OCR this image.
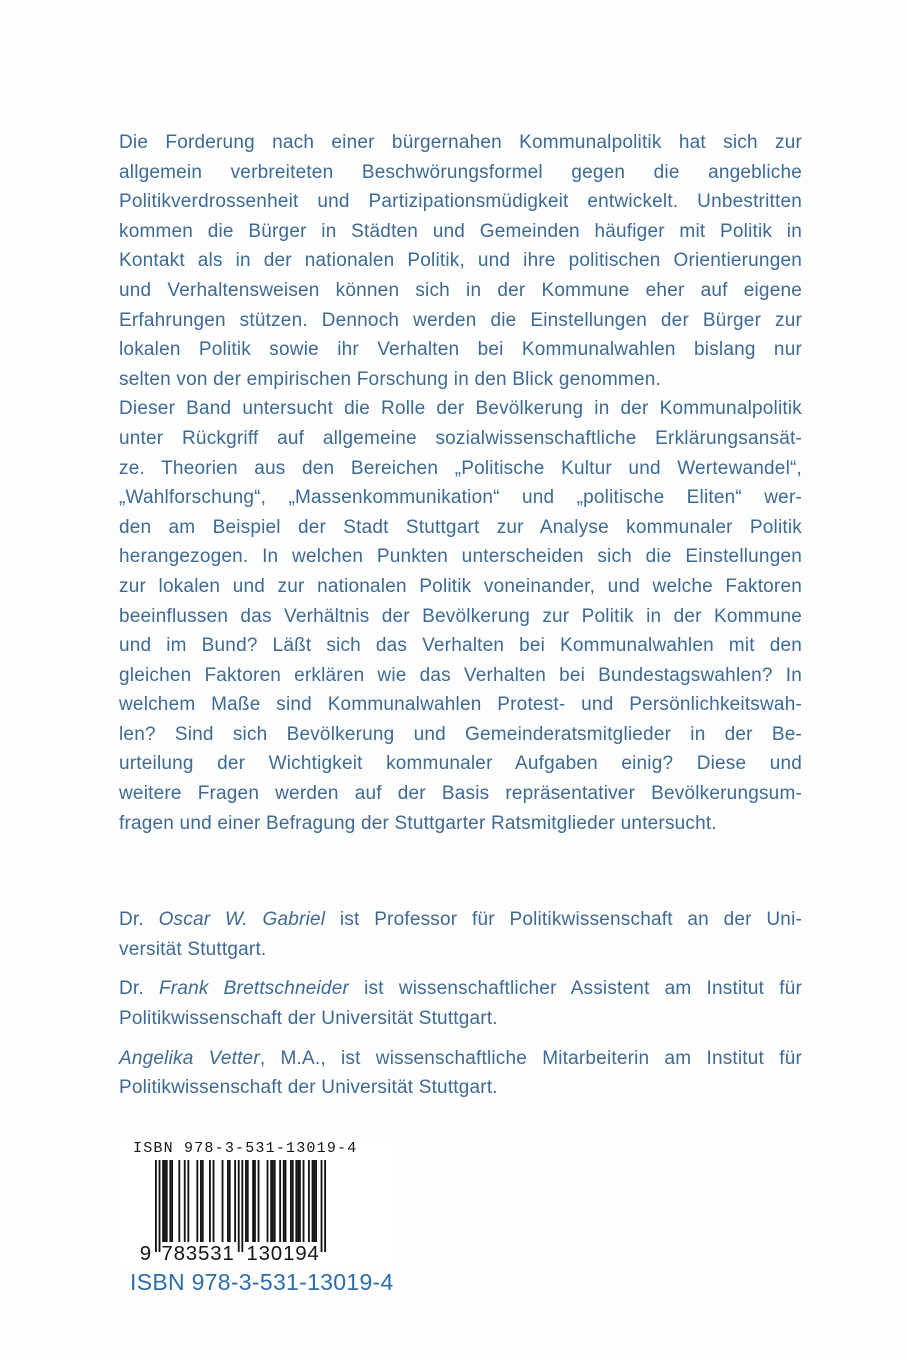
Die Forderung nach einer bürgernahen Kommunalpolitik hat sich zur
allgemein verbreiteten Beschwörungsformel gegen die angebliche
Politikverdrossenheit und Partizipationsmüdigkeit entwickelt. Unbestritten
kommen die Bürger in Städten und Gemeinden häufiger mit Politik in
Kontakt als in der nationalen Politik, und ihre politischen Orientierungen
und Verhaltensweisen können sich in der Kommune eher auf eigene
Erfahrungen stützen. Dennoch werden die Einstellungen der Bürger zur
lokalen Politik sowie ihr Verhalten bei Kommunalwahlen bislang nur
selten von der empirischen Forschung in den Blick genommen.
Dieser Band untersucht die Rolle der Bevölkerung in der Kommunalpolitik
unter Rückgriff auf allgemeine sozialwissenschaftliche Erklärungsansät-
ze. Theorien aus den Bereichen „Politische Kultur und Wertewandel“,
„Wahlforschung“, „Massenkommunikation“ und „politische Eliten“ wer-
den am Beispiel der Stadt Stuttgart zur Analyse kommunaler Politik
herangezogen. In welchen Punkten unterscheiden sich die Einstellungen
zur lokalen und zur nationalen Politik voneinander, und welche Faktoren
beeinflussen das Verhältnis der Bevölkerung zur Politik in der Kommune
und im Bund? Läßt sich das Verhalten bei Kommunalwahlen mit den
gleichen Faktoren erklären wie das Verhalten bei Bundestagswahlen? In
welchem Maße sind Kommunalwahlen Protest- und Persönlichkeitswah-
len? Sind sich Bevölkerung und Gemeinderatsmitglieder in der Be-
urteilung der Wichtigkeit kommunaler Aufgaben einig? Diese und
weitere Fragen werden auf der Basis repräsentativer Bevölkerungsum-
fragen und einer Befragung der Stuttgarter Ratsmitglieder untersucht.
Dr. Oscar W. Gabriel ist Professor für Politikwissenschaft an der Uni-
versität Stuttgart.
Dr. Frank Brettschneider ist wissenschaftlicher Assistent am Institut für
Politikwissenschaft der Universität Stuttgart.
Angelika Vetter, M.A., ist wissenschaftliche Mitarbeiterin am Institut für
Politikwissenschaft der Universität Stuttgart.
ISBN 978-3-531-13019-4
9 783531 130194
ISBN 978-3-531-13019-4
